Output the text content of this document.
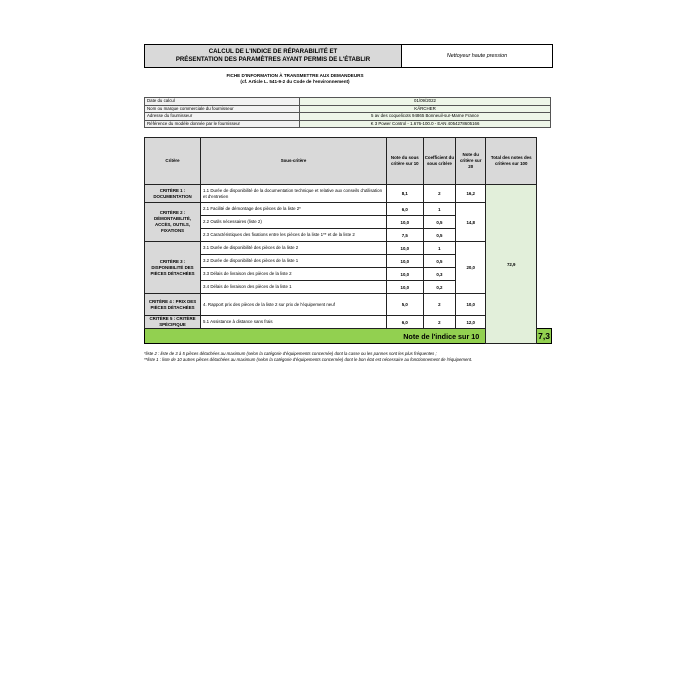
CALCUL DE L'INDICE DE RÉPARABILITÉ ET
PRÉSENTATION DES PARAMÈTRES AYANT PERMIS DE L'ÉTABLIR	Nettoyeur haute pression
FICHE D'INFORMATION À TRANSMETTRE AUX DEMANDEURS
(cf. Article L. 541-9-2 du Code de l'environnement)
Date du calcul	01/09/2022
Nom ou marque commerciale du fournisseur	KÄRCHER
Adresse du fournisseur	5 av des coquelicots 94865 Bonneuil-sur-Marne France
Référence du modèle donnée par le fournisseur	K 3 Power Control - 1.676-100.0 - EAN 4054278605166
Critère	Sous-critère	Note du sous critère sur 10	Coefficient du sous critère	Note du critère sur 20	Total des notes des critères sur 100	
CRITÈRE 1 : DOCUMENTATION	1.1 Durée de disponibilité de la documentation technique et relative aux conseils d'utilisation et d'entretien	8,1	2	16,2	72,9	
CRITÈRE 2 : DÉMONTABILITÉ, ACCÈS, OUTILS, FIXATIONS	2.1 Facilité de démontage des pièces de la liste 2*	6,0	1	14,8		
	2.2 Outils nécessaires (liste 2)	10,0	0,5			
	2.3 Caractéristiques des fixations entre les pièces de la liste 1** et de la liste 2	7,5	0,5			
CRITÈRE 3 : DISPONIBILITÉ DES PIÈCES DÉTACHÉES	3.1 Durée de disponibilité des pièces de la liste 2	10,0	1	20,0		
	3.2 Durée de disponibilité des pièces de la liste 1	10,0	0,5			
	3.3 Délais de livraison des pièces de la liste 2	10,0	0,3			
	3.4 Délais de livraison des pièces de la liste 1	10,0	0,2			
CRITÈRE 4 : PRIX DES PIÈCES DÉTACHÉES	4. Rapport prix des pièces de la liste 2 sur prix de l'équipement neuf	5,0	2	10,0		
CRITÈRE 5 : CRITÈRE SPÉCIFIQUE	5.1 Assistance à distance sans frais	6,0	2	12,0		
Note de l'indice sur 10						7,3
*liste 2 : liste de 3 à 5 pièces détachées au maximum (selon la catégorie d'équipements concernée) dont la casse ou les pannes sont les plus fréquentes ;
**liste 1 : liste de 10 autres pièces détachées au maximum (selon la catégorie d'équipements concernée) dont le bon état est nécessaire au fonctionnement de l'équipement.
